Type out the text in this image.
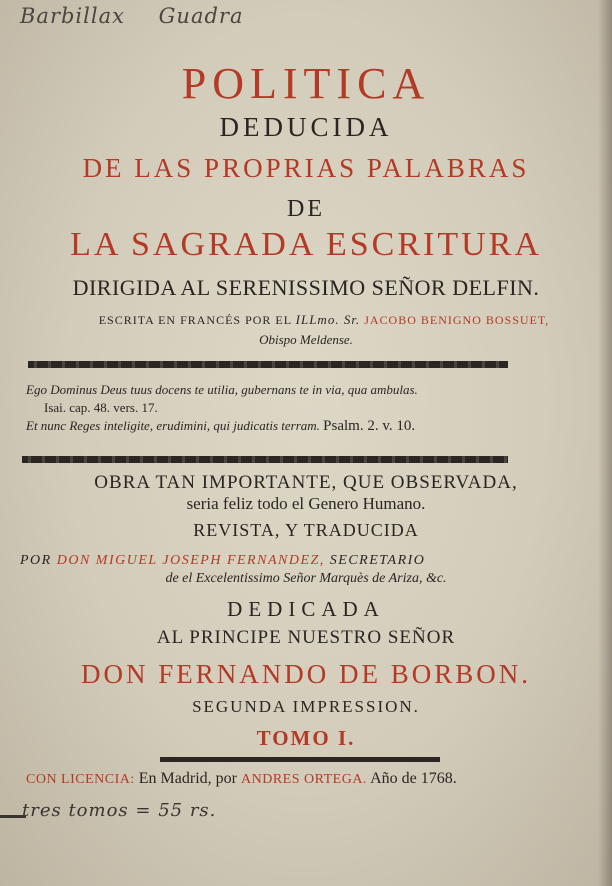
Barbillax Guadra
POLITICA
DEDUCIDA
DE LAS PROPRIAS PALABRAS
DE
LA SAGRADA ESCRITURA
DIRIGIDA AL SERENISSIMO SEÑOR DELFIN.
ESCRITA EN FRANCÉS POR EL ILLmo. Sr. JACOBO BENIGNO BOSSUET,
Obispo Meldense.
Ego Dominus Deus tuus docens te utilia, gubernans te in via, qua ambulas.
Isai. cap. 48. vers. 17.
Et nunc Reges inteligite, erudimini, qui judicatis terram. Psalm. 2. v. 10.
OBRA TAN IMPORTANTE, QUE OBSERVADA,
seria feliz todo el Genero Humano.
REVISTA, Y TRADUCIDA
POR DON MIGUEL JOSEPH FERNANDEZ, SECRETARIO
de el Excelentissimo Señor Marquès de Ariza, &c.
DEDICADA
AL PRINCIPE NUESTRO SEÑOR
DON FERNANDO DE BORBON.
SEGUNDA IMPRESSION.
TOMO I.
CON LICENCIA: En Madrid, por ANDRES ORTEGA. Año de 1768.
tres tomos = 55 rs.
